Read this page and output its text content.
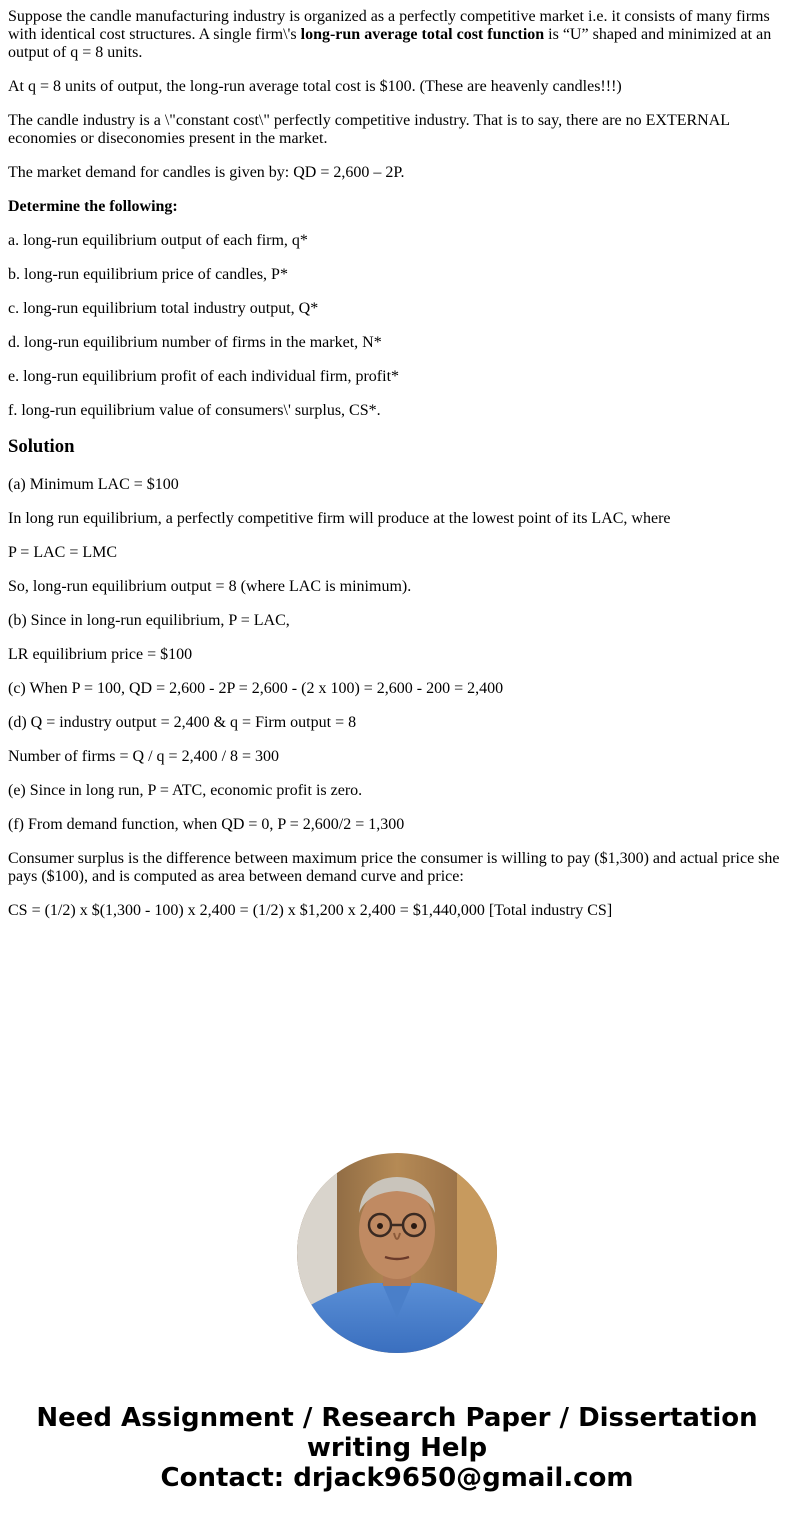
Suppose the candle manufacturing industry is organized as a perfectly competitive market i.e. it consists of many firms with identical cost structures. A single firm\'s long-run average total cost function is “U” shaped and minimized at an output of q = 8 units.

At q = 8 units of output, the long-run average total cost is $100. (These are heavenly candles!!!)

The candle industry is a \"constant cost\" perfectly competitive industry. That is to say, there are no EXTERNAL economies or diseconomies present in the market.

The market demand for candles is given by: QD = 2,600 – 2P.

Determine the following:

a. long-run equilibrium output of each firm, q*

b. long-run equilibrium price of candles, P*

c. long-run equilibrium total industry output, Q*

d. long-run equilibrium number of firms in the market, N*

e. long-run equilibrium profit of each individual firm, profit*

f. long-run equilibrium value of consumers\' surplus, CS*.

Solution

(a) Minimum LAC = $100

In long run equilibrium, a perfectly competitive firm will produce at the lowest point of its LAC, where

P = LAC = LMC

So, long-run equilibrium output = 8 (where LAC is minimum).

(b) Since in long-run equilibrium, P = LAC,

LR equilibrium price = $100

(c) When P = 100, QD = 2,600 - 2P = 2,600 - (2 x 100) = 2,600 - 200 = 2,400

(d) Q = industry output = 2,400 & q = Firm output = 8

Number of firms = Q / q = 2,400 / 8 = 300

(e) Since in long run, P = ATC, economic profit is zero.

(f) From demand function, when QD = 0, P = 2,600/2 = 1,300

Consumer surplus is the difference between maximum price the consumer is willing to pay ($1,300) and actual price she pays ($100), and is computed as area between demand curve and price:

CS = (1/2) x $(1,300 - 100) x 2,400 = (1/2) x $1,200 x 2,400 = $1,440,000 [Total industry CS]

Need Assignment / Research Paper / Dissertation
writing Help
Contact: drjack9650@gmail.com
